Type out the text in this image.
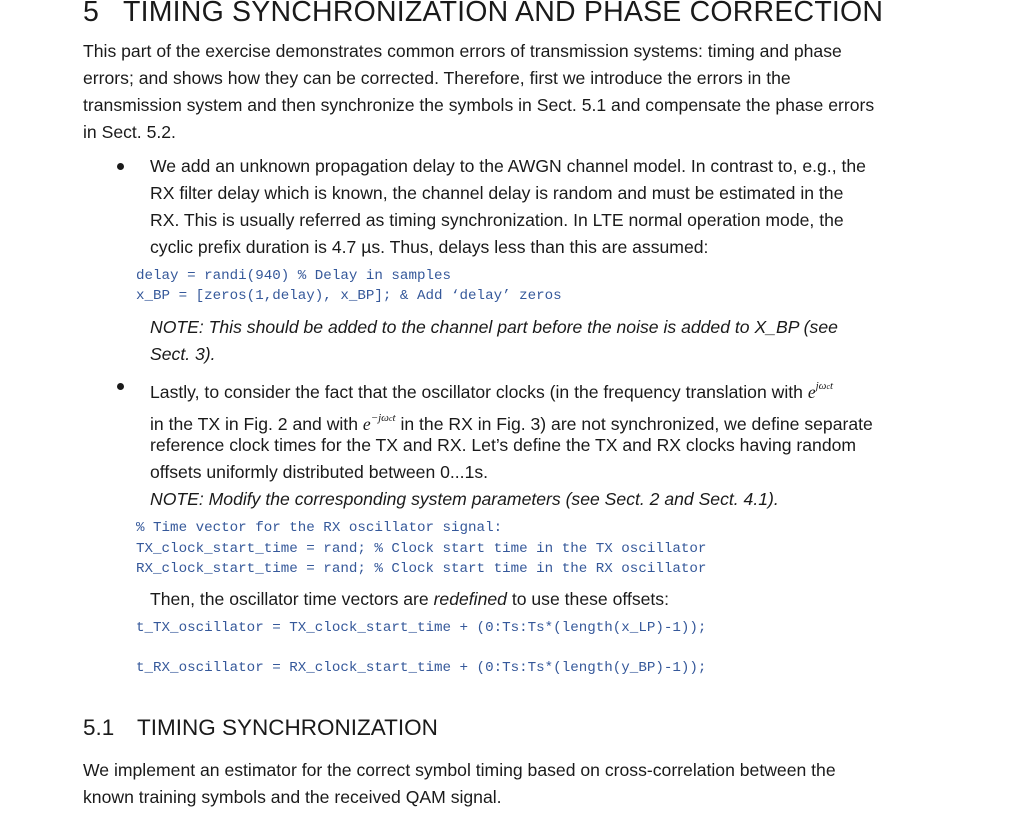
5 TIMING SYNCHRONIZATION AND PHASE CORRECTION
This part of the exercise demonstrates common errors of transmission systems: timing and phase
errors; and shows how they can be corrected. Therefore, first we introduce the errors in the
transmission system and then synchronize the symbols in Sect. 5.1 and compensate the phase errors
in Sect. 5.2.
We add an unknown propagation delay to the AWGN channel model. In contrast to, e.g., the
RX filter delay which is known, the channel delay is random and must be estimated in the
RX. This is usually referred as timing synchronization. In LTE normal operation mode, the
cyclic prefix duration is 4.7 µs. Thus, delays less than this are assumed:
delay = randi(940) % Delay in samples
x_BP = [zeros(1,delay), x_BP]; & Add ‘delay’ zeros
NOTE: This should be added to the channel part before the noise is added to X_BP (see
Sect. 3).
Lastly, to consider the fact that the oscillator clocks (in the frequency translation with $e^{j\omega ct}$
in the TX in Fig. 2 and with $e^{-j\omega ct}$ in the RX in Fig. 3) are not synchronized, we define separate
reference clock times for the TX and RX. Let’s define the TX and RX clocks having random
offsets uniformly distributed between 0...1s.
NOTE: Modify the corresponding system parameters (see Sect. 2 and Sect. 4.1).
% Time vector for the RX oscillator signal:
TX_clock_start_time = rand; % Clock start time in the TX oscillator
RX_clock_start_time = rand; % Clock start time in the RX oscillator
Then, the oscillator time vectors are redefined to use these offsets:
t_TX_oscillator = TX_clock_start_time + (0:Ts:Ts*(length(x_LP)-1));
t_RX_oscillator = RX_clock_start_time + (0:Ts:Ts*(length(y_BP)-1));
5.1 TIMING SYNCHRONIZATION
We implement an estimator for the correct symbol timing based on cross-correlation between the
known training symbols and the received QAM signal.
